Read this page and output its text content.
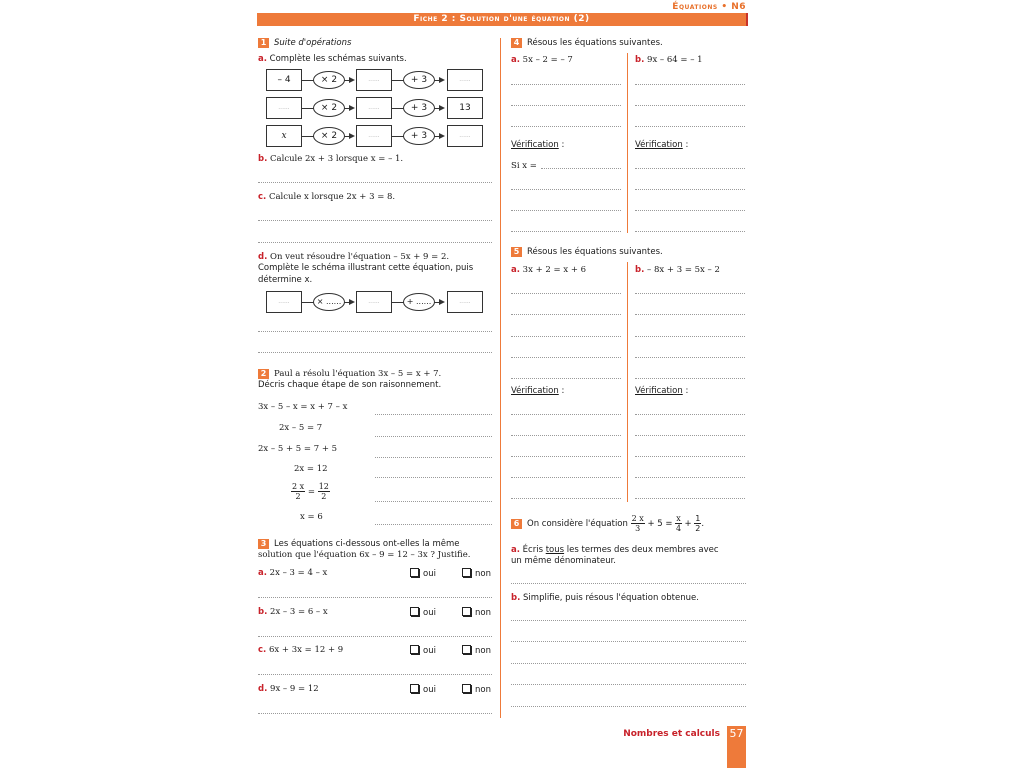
Équations • N6
Fiche 2 : Solution d'une équation (2)
1 Suite d'opérations
a. Complète les schémas suivants.
– 4	× 2	......	+ 3	......
......	× 2	......	+ 3	13
x	× 2	......	+ 3	......
b. Calcule 2x + 3 lorsque x = – 1.
c. Calcule x lorsque 2x + 3 = 8.
d. On veut résoudre l'équation – 5x + 9 = 2.
Complète le schéma illustrant cette équation, puis
détermine x.
......	× ......	......	+ ......	......
2 Paul a résolu l'équation 3x – 5 = x + 7.
Décris chaque étape de son raisonnement.
3x – 5 – x = x + 7 – x
2x – 5 = 7
2x – 5 + 5 = 7 + 5
2x = 12
$\frac{2 x}{2} = \frac{12}{2}$
x = 6
3 Les équations ci-dessous ont-elles la même
solution que l'équation 6x – 9 = 12 – 3x ? Justifie.
a. 2x – 3 = 4 – x	oui	non
b. 2x – 3 = 6 – x	oui	non
c. 6x + 3x = 12 + 9	oui	non
d. 9x – 9 = 12	oui	non
4 Résous les équations suivantes.
a. 5x – 2 = – 7	b. 9x – 64 = – 1
Vérification :	Vérification :
Si x =
5 Résous les équations suivantes.
a. 3x + 2 = x + 6	b. – 8x + 3 = 5x – 2
Vérification :	Vérification :
6 On considère l'équation $\frac{2 x}{3} + 5 = \frac{x}{4} + \frac{1}{2}$ .
a. Écris tous les termes des deux membres avec
un même dénominateur.
b. Simplifie, puis résous l'équation obtenue.
Nombres et calculs 57
